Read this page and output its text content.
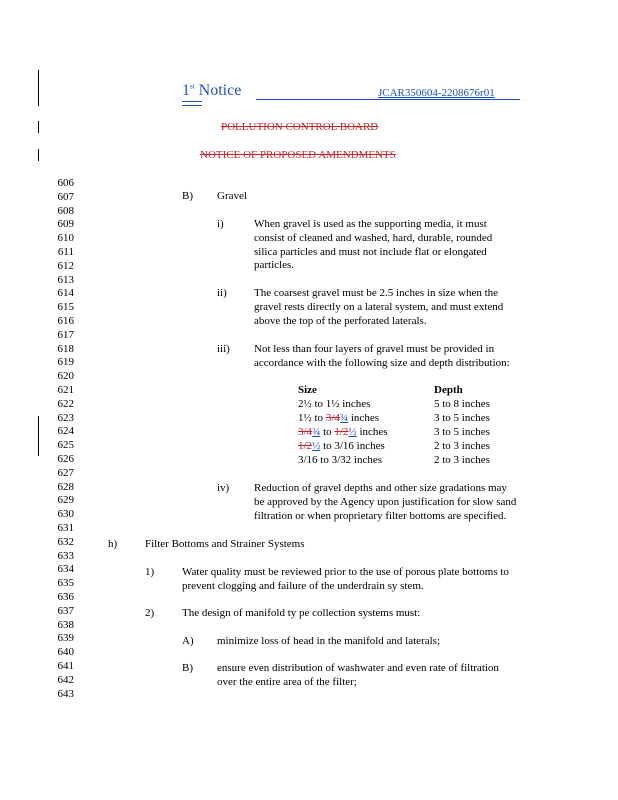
1st Notice	JCAR350604-2208676r01
POLLUTION CONTROL BOARD
NOTICE OF PROPOSED AMENDMENTS
606
607
608
609
610
611
612
613
614
615
616
617
618
619
620
621
622
623
624
625
626
627
628
629
630
631
632
633
634
635
636
637
638
639
640
641
642
643
B) Gravel
i)	When gravel is used as the supporting media, it must
consist of cleaned and washed, hard, durable, rounded
silica particles and must not include flat or elongated
particles.
ii) The coarsest gravel must be 2.5 inches in size when the
gravel rests directly on a lateral system, and must extend
above the top of the perforated laterals.
iii) Not less than four layers of gravel must be provided in
accordance with the following size and depth distribution:
Size	Depth
2½ to 1½ inches	5 to 8 inches
1½ to 3/4¾ inches	3 to 5 inches
3/4¾ to 1/2½ inches	3 to 5 inches
1/2½ to 3/16 inches	2 to 3 inches
3/16 to 3/32 inches	2 to 3 inches
iv) Reduction of gravel depths and other size gradations may
be approved by the Agency upon justification for slow sand
filtration or when proprietary filter bottoms are specified.
h)	Filter Bottoms and Strainer Systems
1)	Water quality must be reviewed prior to the use of porous plate bottoms to
prevent clogging and failure of the underdrain sy stem.
2)	The design of manifold ty pe collection systems must:
A) minimize loss of head in the manifold and laterals;
B) ensure even distribution of washwater and even rate of filtration
over the entire area of the filter;
